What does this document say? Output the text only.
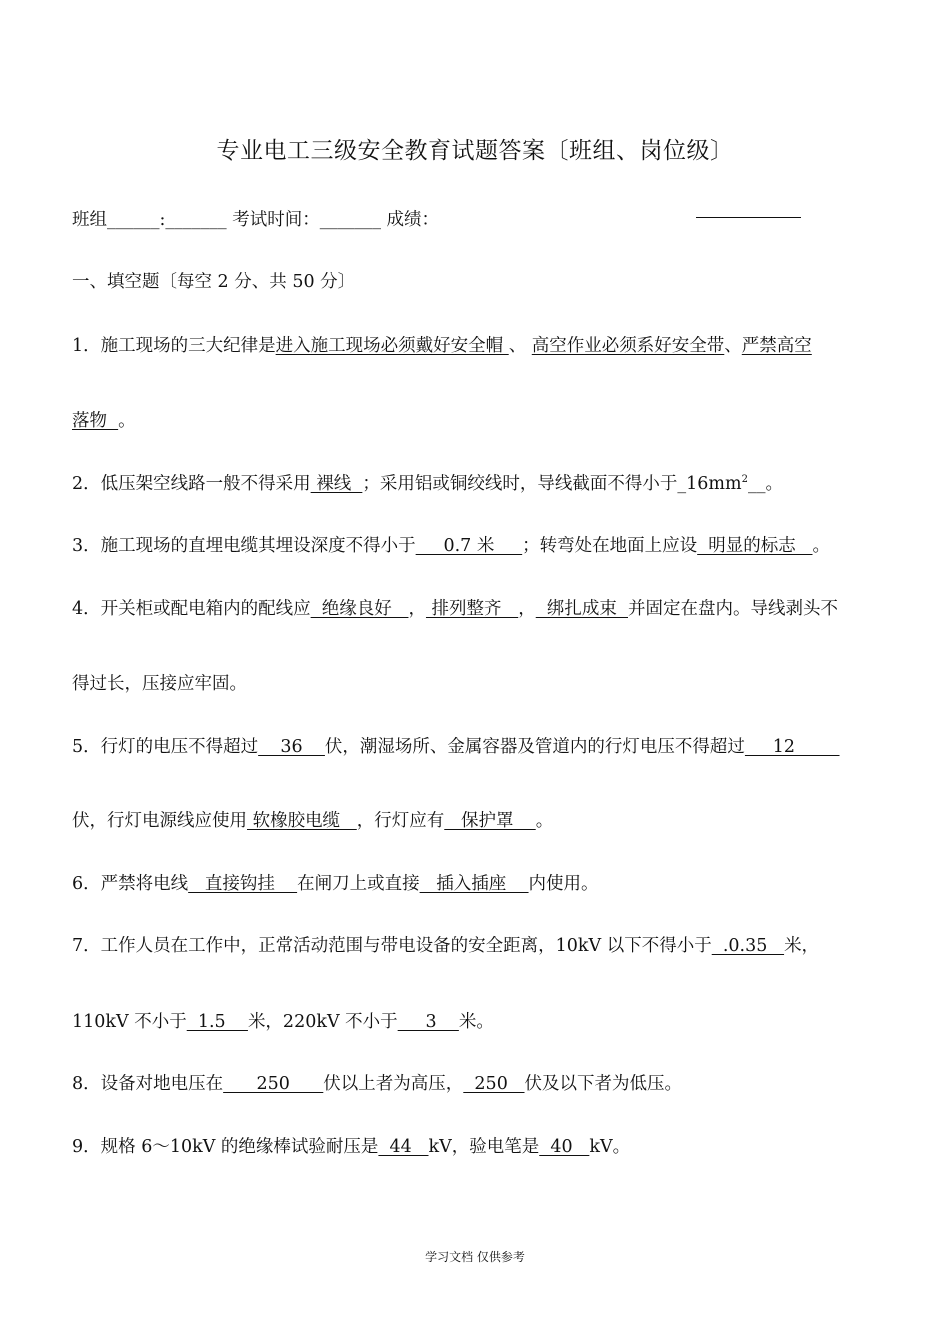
专业电工三级安全教育试题答案〔班组、岗位级〕
班组______:_______ 考试时间：_______ 成绩：
一、填空题〔每空 2 分、共 50 分〕
1．施工现场的三大纪律是进入施工现场必须戴好安全帽 、 高空作业必须系好安全带、严禁高空
落物  。
2．低压架空线路一般不得采用 裸线  ；采用铝或铜绞线时，导线截面不得小于$\_16mm^2\_\_$。
3．施工现场的直埋电缆其埋设深度不得小于     0.7 米     ；转弯处在地面上应设  明显的标志   。
4．开关柜或配电箱内的配线应  绝缘良好   ， 排列整齐   ，  绑扎成束  并固定在盘内。导线剥头不
得过长，压接应牢固。
5．行灯的电压不得超过    36    伏，潮湿场所、金属容器及管道内的行灯电压不得超过     12
伏，行灯电源线应使用 软橡胶电缆   ，行灯应有   保护罩    。
6．严禁将电线   直接钩挂    在闸刀上或直接   插入插座    内使用。
7．工作人员在工作中，正常活动范围与带电设备的安全距离，10kV 以下不得小于  .0.35   米，
110kV 不小于  1.5    米，220kV 不小于     3    米。
8．设备对地电压在      250      伏以上者为高压，  250   伏及以下者为低压。
9．规格 6～10kV 的绝缘棒试验耐压是  44   kV，验电笔是  40   kV。
学习文档 仅供参考
